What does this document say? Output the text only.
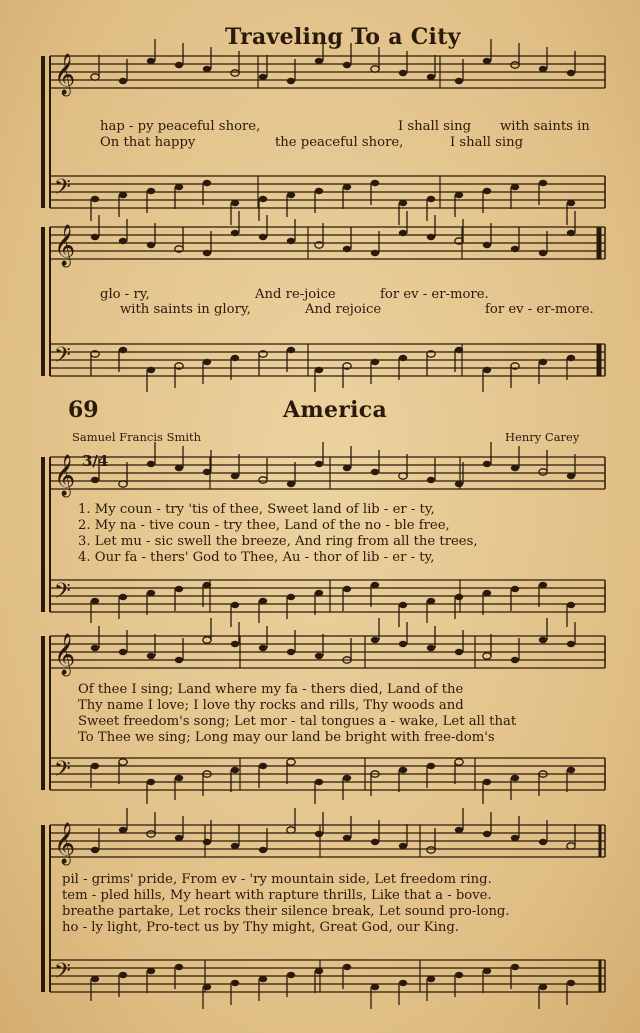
𝄞
𝄢
𝄞
𝄢
𝄞
𝄢
𝄞
𝄢
𝄞
𝄢
Traveling To a City
hap - py peaceful shore,	I shall sing with saints in
On that happy	the peaceful shore,	I shall sing
glo - ry,	And re-joice	for ev - er-more.
with saints in glory,	And rejoice	for ev - er-more.
69	America
Samuel Francis Smith	Henry Carey
1. My coun - try 'tis of thee, Sweet land of lib - er - ty,
2. My na - tive coun - try thee, Land of the no - ble free,
3. Let mu - sic swell the breeze, And ring from all the trees,
4. Our fa - thers' God to Thee, Au - thor of lib - er - ty,
Of thee I sing; Land where my fa - thers died, Land of the
Thy name I love; I love thy rocks and rills, Thy woods and
Sweet freedom's song; Let mor - tal tongues a - wake, Let all that
To Thee we sing; Long may our land be bright with free-dom's
pil - grims' pride, From ev - 'ry mountain side, Let freedom ring.
tem - pled hills, My heart with rapture thrills, Like that a - bove.
breathe partake, Let rocks their silence break, Let sound pro-long.
ho - ly light, Pro-tect us by Thy might, Great God, our King.
3/4
